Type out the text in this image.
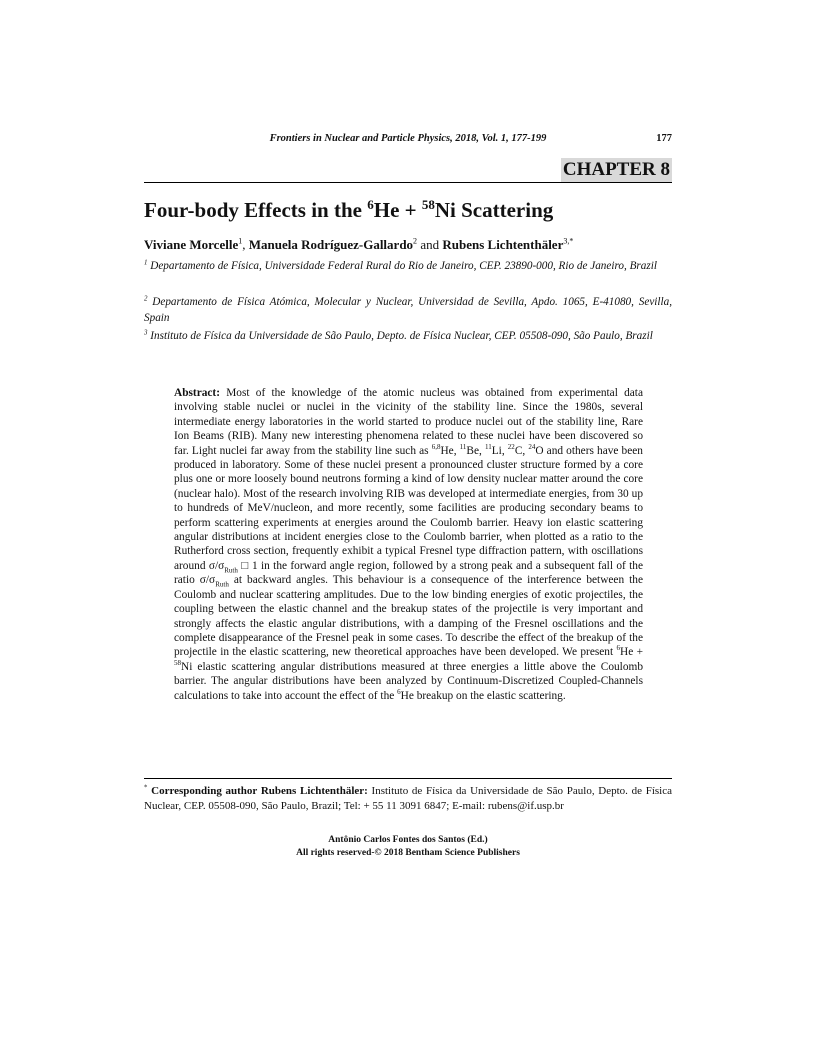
Frontiers in Nuclear and Particle Physics, 2018, Vol. 1, 177-199	177
CHAPTER 8
Four-body Effects in the $^6$He + $^{58}$Ni Scattering
Viviane Morcelle$^1$, Manuela Rodríguez-Gallardo$^2$ and Rubens Lichtenthäler$^{3,*}$
$^1$ Departamento de Física, Universidade Federal Rural do Rio de Janeiro, CEP. 23890-000, Rio de Janeiro, Brazil
$^2$ Departamento de Física Atómica, Molecular y Nuclear, Universidad de Sevilla, Apdo. 1065, E-41080, Sevilla, Spain
$^3$ Instituto de Física da Universidade de São Paulo, Depto. de Física Nuclear, CEP. 05508-090, São Paulo, Brazil
Abstract: Most of the knowledge of the atomic nucleus was obtained from experimental data involving stable nuclei or nuclei in the vicinity of the stability line. Since the 1980s, several intermediate energy laboratories in the world started to produce nuclei out of the stability line, Rare Ion Beams (RIB). Many new interesting phenomena related to these nuclei have been discovered so far. Light nuclei far away from the stability line such as $^{6,8}$He, $^{11}$Be, $^{11}$Li, $^{22}$C, $^{24}$O and others have been produced in laboratory. Some of these nuclei present a pronounced cluster structure formed by a core plus one or more loosely bound neutrons forming a kind of low density nuclear matter around the core (nuclear halo). Most of the research involving RIB was developed at intermediate energies, from 30 up to hundreds of MeV/nucleon, and more recently, some facilities are producing secondary beams to perform scattering experiments at energies around the Coulomb barrier. Heavy ion elastic scattering angular distributions at incident energies close to the Coulomb barrier, when plotted as a ratio to the Rutherford cross section, frequently exhibit a typical Fresnel type diffraction pattern, with oscillations around $\sigma/\sigma_{Ruth}$ □ 1 in the forward angle region, followed by a strong peak and a subsequent fall of the ratio $\sigma/\sigma_{Ruth}$ at backward angles. This behaviour is a consequence of the interference between the Coulomb and nuclear scattering amplitudes. Due to the low binding energies of exotic projectiles, the coupling between the elastic channel and the breakup states of the projectile is very important and strongly affects the elastic angular distributions, with a damping of the Fresnel oscillations and the complete disappearance of the Fresnel peak in some cases. To describe the effect of the breakup of the projectile in the elastic scattering, new theoretical approaches have been developed. We present $^6$He + $^{58}$Ni elastic scattering angular distributions measured at three energies a little above the Coulomb barrier. The angular distributions have been analyzed by Continuum-Discretized Coupled-Channels calculations to take into account the effect of the $^6$He breakup on the elastic scattering.
* Corresponding author Rubens Lichtenthäler: Instituto de Física da Universidade de São Paulo, Depto. de Física Nuclear, CEP. 05508-090, São Paulo, Brazil; Tel: + 55 11 3091 6847; E-mail: rubens@if.usp.br
Antônio Carlos Fontes dos Santos (Ed.)
All rights reserved-© 2018 Bentham Science Publishers
